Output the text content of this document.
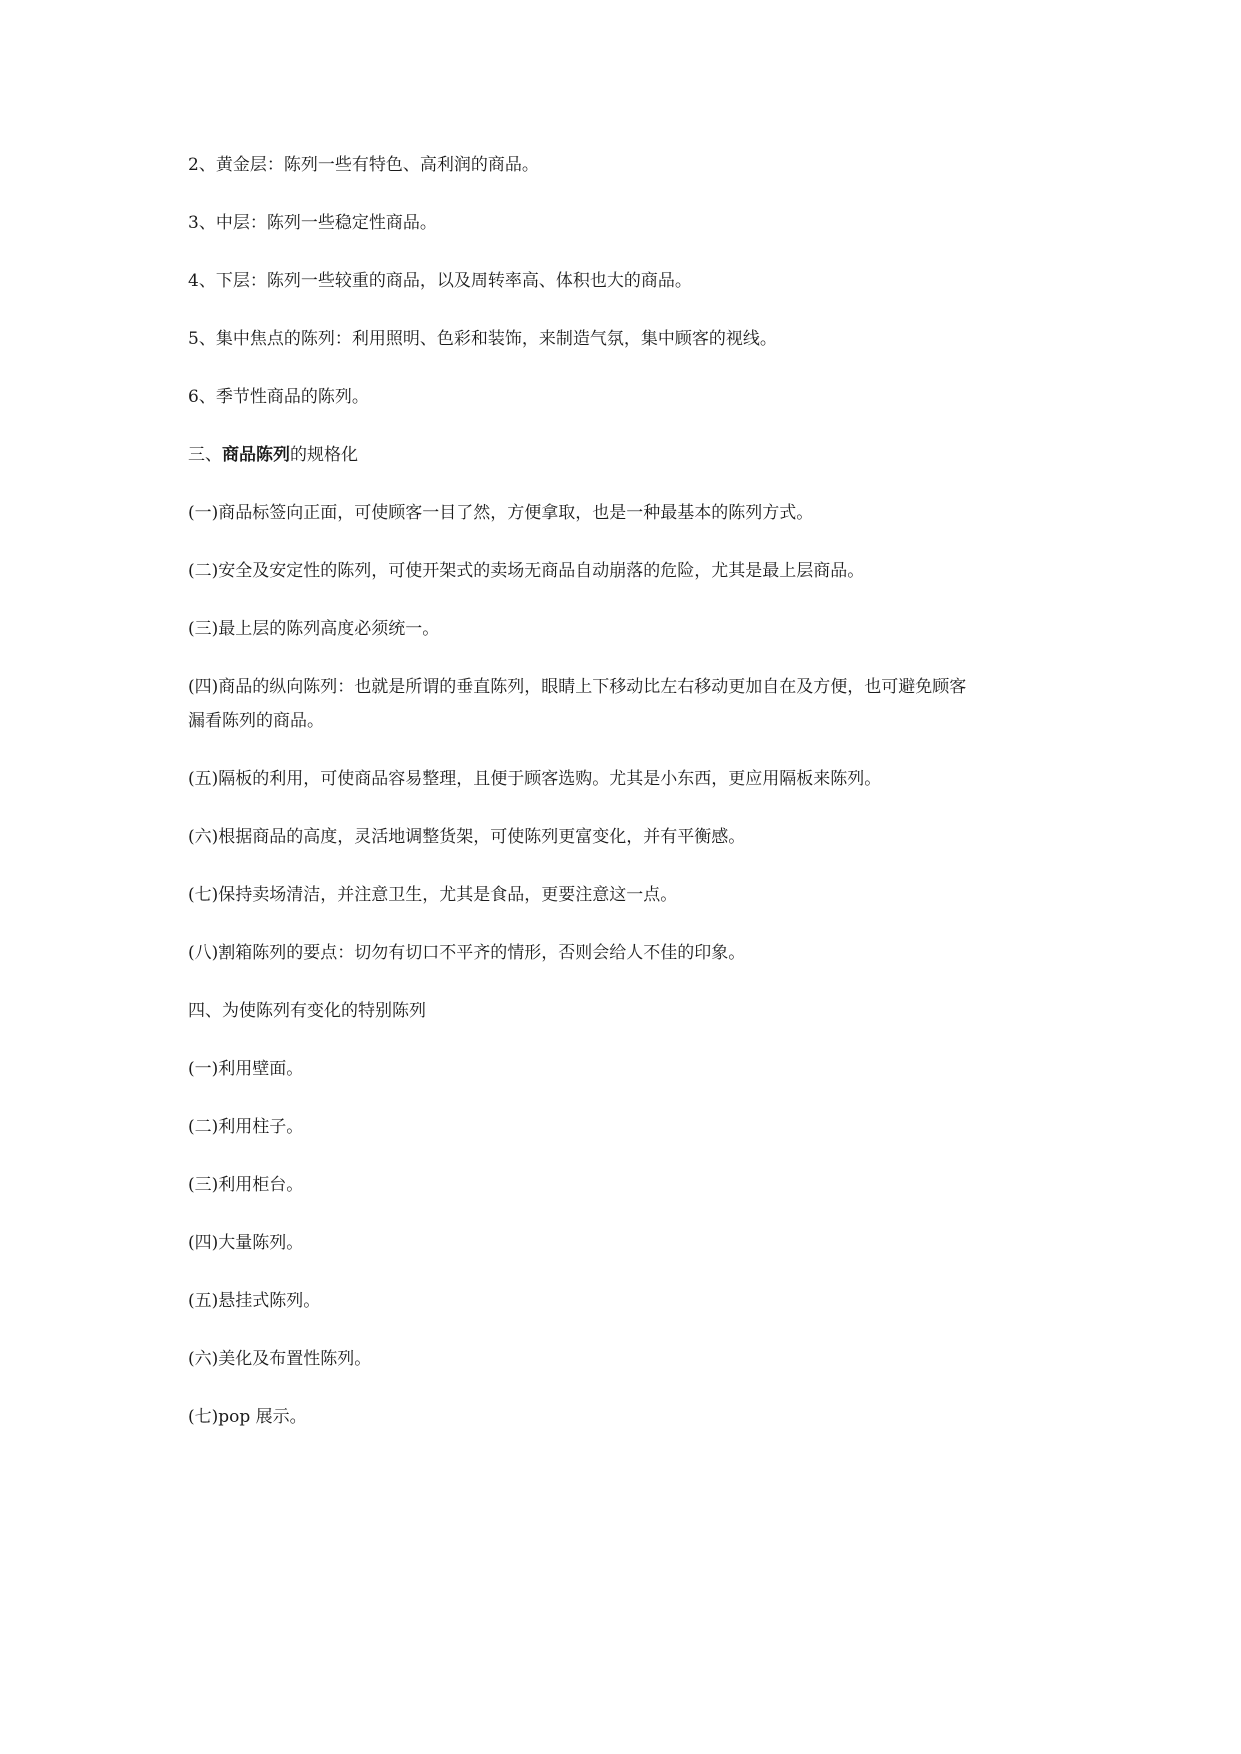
2、黄金层：陈列一些有特色、高利润的商品。
3、中层：陈列一些稳定性商品。
4、下层：陈列一些较重的商品，以及周转率高、体积也大的商品。
5、集中焦点的陈列：利用照明、色彩和装饰，来制造气氛，集中顾客的视线。
6、季节性商品的陈列。
三、商品陈列的规格化
(一)商品标签向正面，可使顾客一目了然，方便拿取，也是一种最基本的陈列方式。
(二)安全及安定性的陈列，可使开架式的卖场无商品自动崩落的危险，尤其是最上层商品。
(三)最上层的陈列高度必须统一。
(四)商品的纵向陈列：也就是所谓的垂直陈列，眼睛上下移动比左右移动更加自在及方便，也可避免顾客
漏看陈列的商品。
(五)隔板的利用，可使商品容易整理，且便于顾客选购。尤其是小东西，更应用隔板来陈列。
(六)根据商品的高度，灵活地调整货架，可使陈列更富变化，并有平衡感。
(七)保持卖场清洁，并注意卫生，尤其是食品，更要注意这一点。
(八)割箱陈列的要点：切勿有切口不平齐的情形，否则会给人不佳的印象。
四、为使陈列有变化的特别陈列
(一)利用壁面。
(二)利用柱子。
(三)利用柜台。
(四)大量陈列。
(五)悬挂式陈列。
(六)美化及布置性陈列。
(七)pop 展示。
